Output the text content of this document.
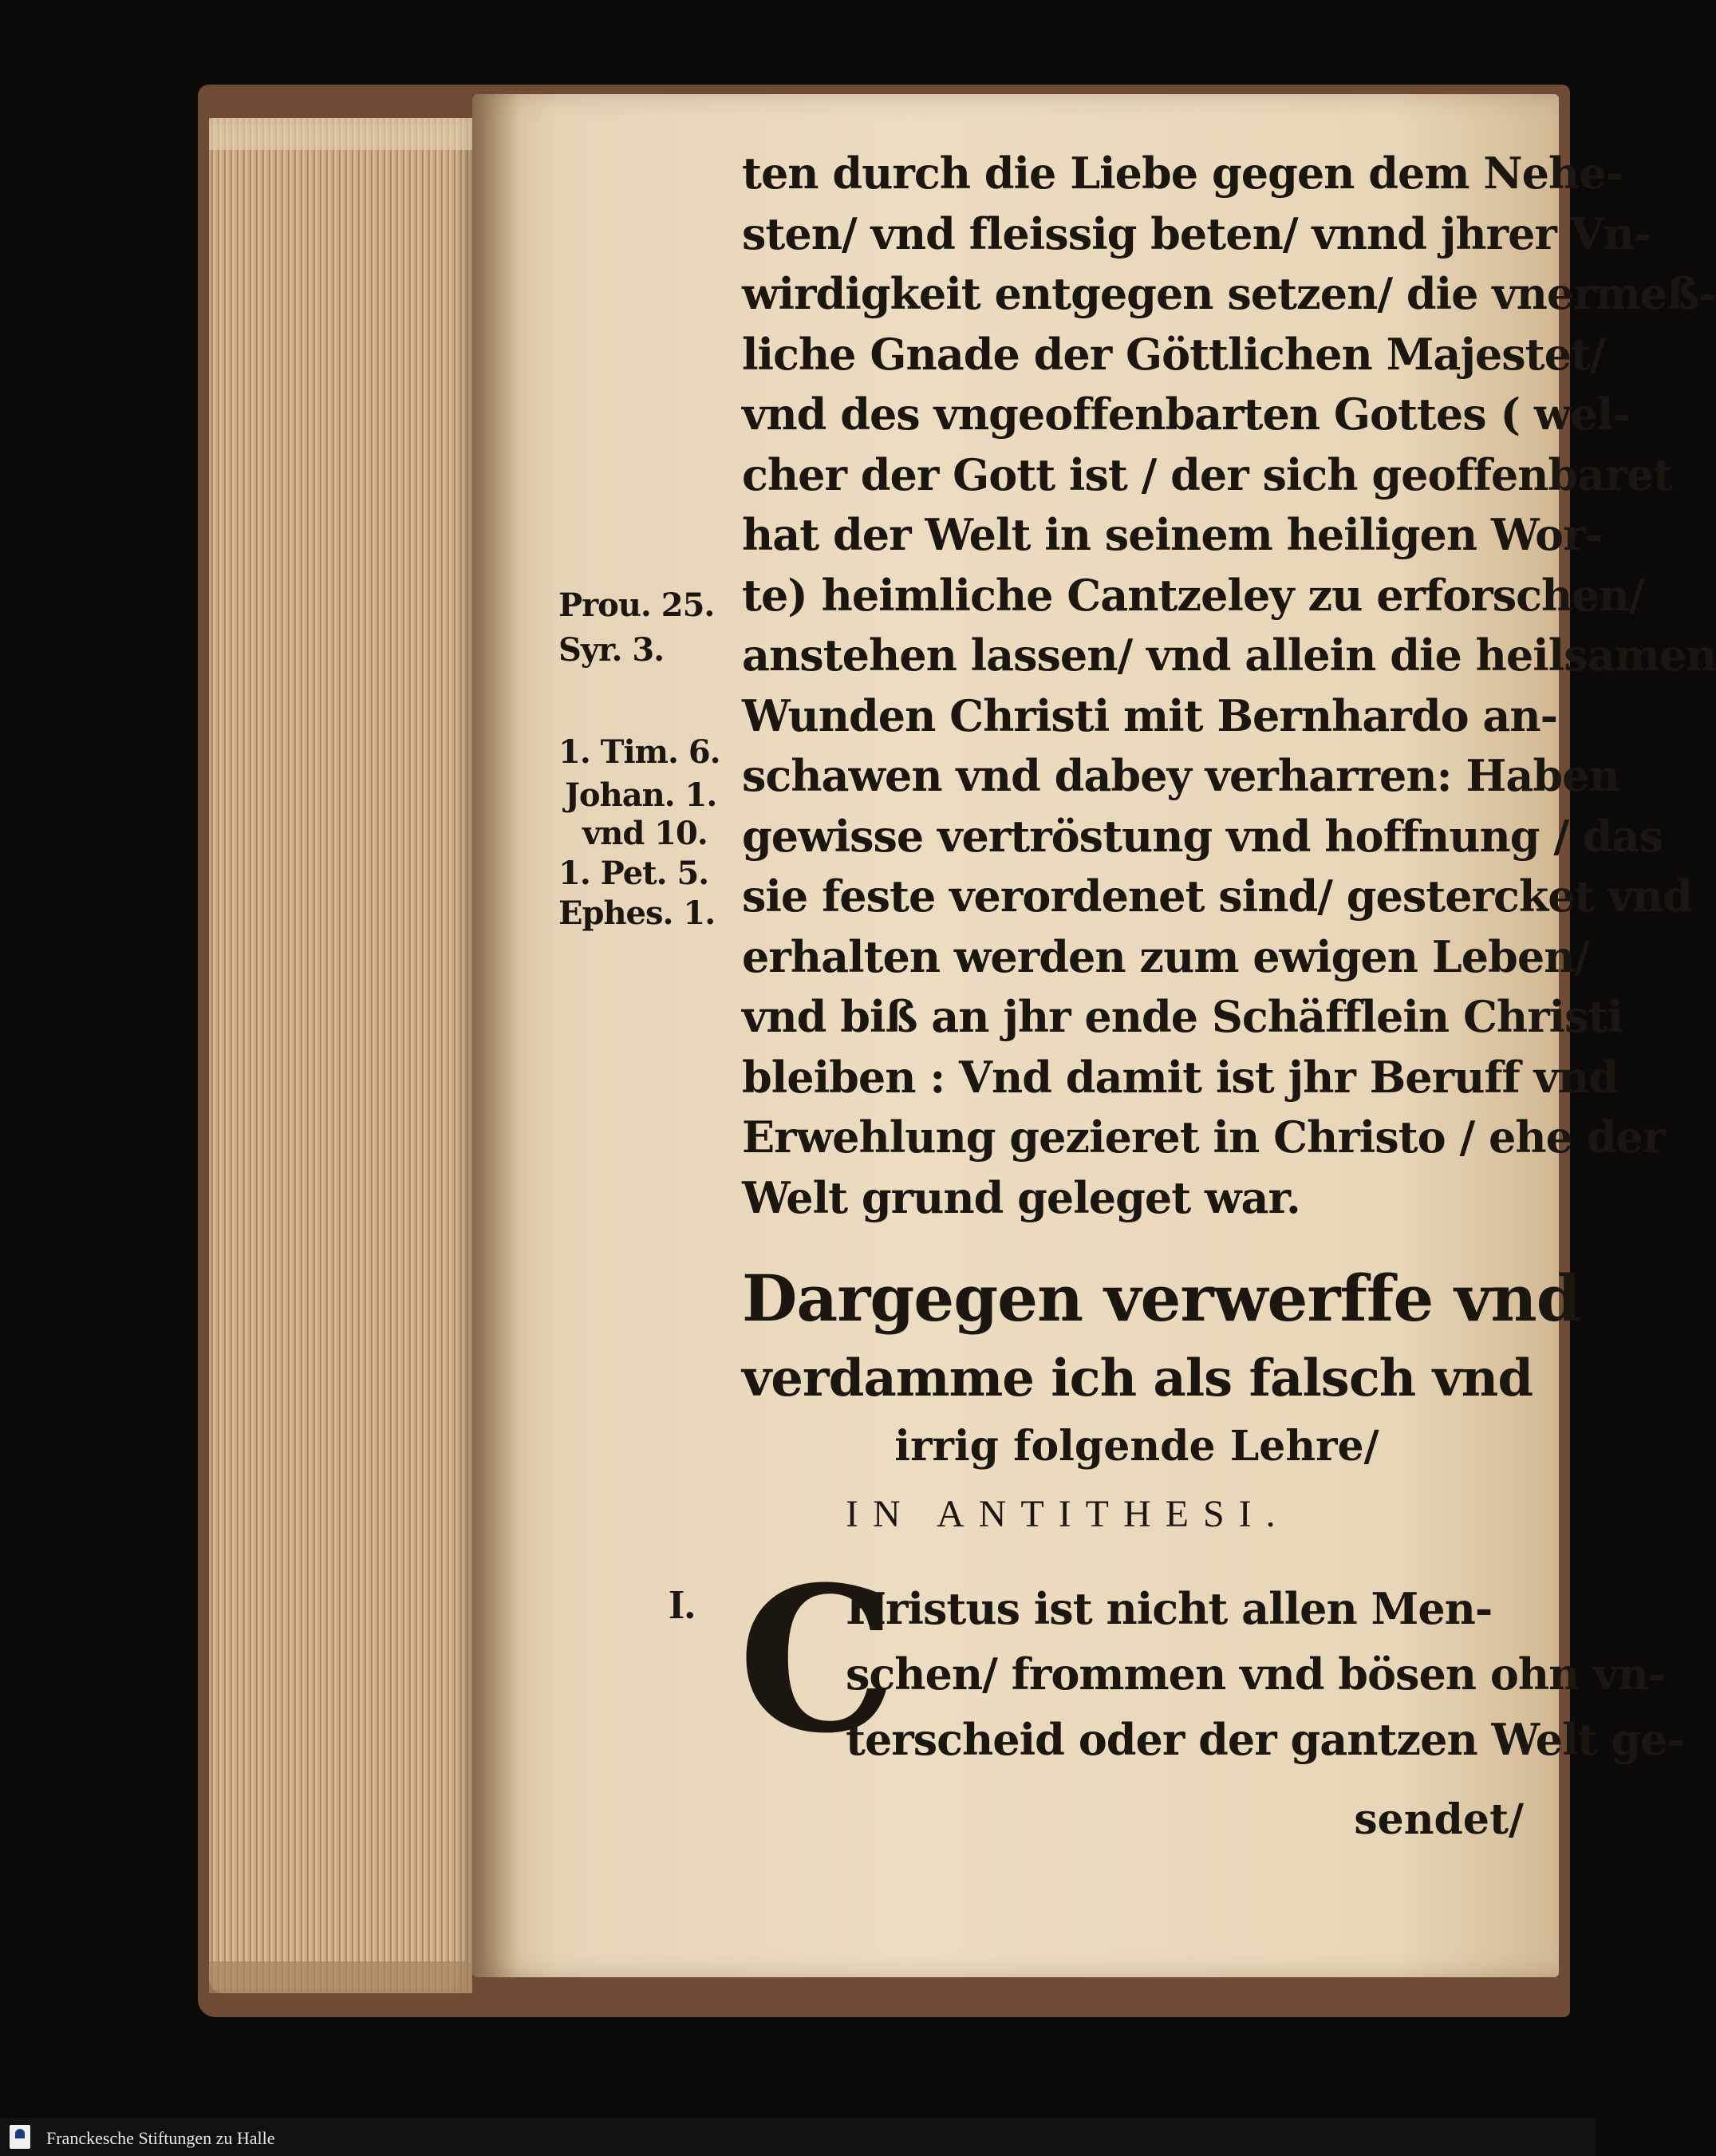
Prou. 25.
Syr. 3.
1. Tim. 6.
Johan. 1.
vnd 10.
1. Pet. 5.
Ephes. 1.
ten durch die Liebe gegen dem Nehe-
sten/ vnd fleissig beten/ vnnd jhrer Vn-
wirdigkeit entgegen setzen/ die vnermeß-
liche Gnade der Göttlichen Majestet/
vnd des vngeoffenbarten Gottes ( wel-
cher der Gott ist / der sich geoffenbaret
hat der Welt in seinem heiligen Wor-
te) heimliche Cantzeley zu erforschen/
anstehen lassen/ vnd allein die heilsamen
Wunden Christi mit Bernhardo an-
schawen vnd dabey verharren: Haben
gewisse vertröstung vnd hoffnung / das
sie feste verordenet sind/ gestercket vnd
erhalten werden zum ewigen Leben/
vnd biß an jhr ende Schäfflein Christi
bleiben : Vnd damit ist jhr Beruff vnd
Erwehlung gezieret in Christo / ehe der
Welt grund geleget war.
Dargegen verwerffe vnd
verdamme ich als falsch vnd
irrig folgende Lehre/
IN ANTITHESI.
I. C
Hristus ist nicht allen Men-
schen/ frommen vnd bösen ohn vn-
terscheid oder der gantzen Welt ge-
sendet/
Franckesche Stiftungen zu Halle
